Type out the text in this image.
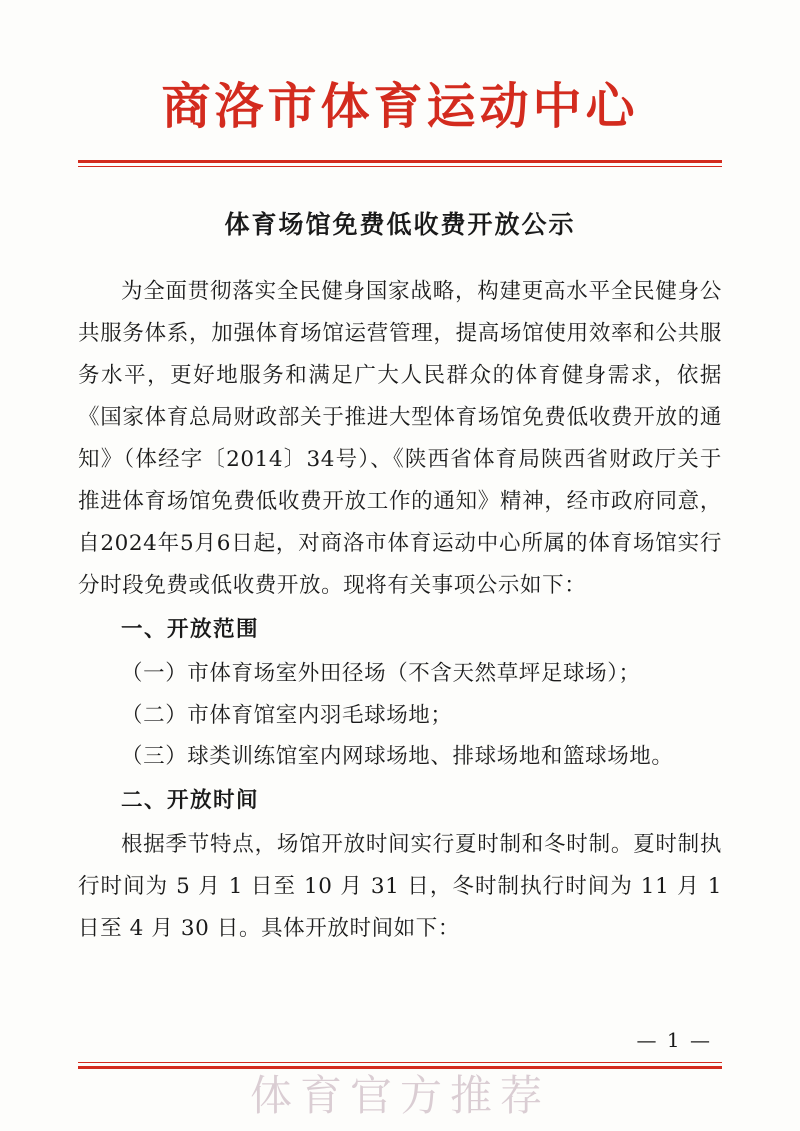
商洛市体育运动中心
体育场馆免费低收费开放公示

为全面贯彻落实全民健身国家战略，构建更高水平全民健身公共服务体系，加强体育场馆运营管理，提高场馆使用效率和公共服务水平，更好地服务和满足广大人民群众的体育健身需求，依据《国家体育总局财政部关于推进大型体育场馆免费低收费开放的通知》（体经字〔2014〕34号）、《陕西省体育局陕西省财政厅关于推进体育场馆免费低收费开放工作的通知》精神，经市政府同意，自2024年5月6日起，对商洛市体育运动中心所属的体育场馆实行分时段免费或低收费开放。现将有关事项公示如下：

一、开放范围

（一）市体育场室外田径场（不含天然草坪足球场）；

（二）市体育馆室内羽毛球场地；

（三）球类训练馆室内网球场地、排球场地和篮球场地。

二、开放时间

根据季节特点，场馆开放时间实行夏时制和冬时制。夏时制执行时间为 5 月 1 日至 10 月 31 日，冬时制执行时间为 11 月 1 日至 4 月 30 日。具体开放时间如下：

— 1 —
体育官方推荐
